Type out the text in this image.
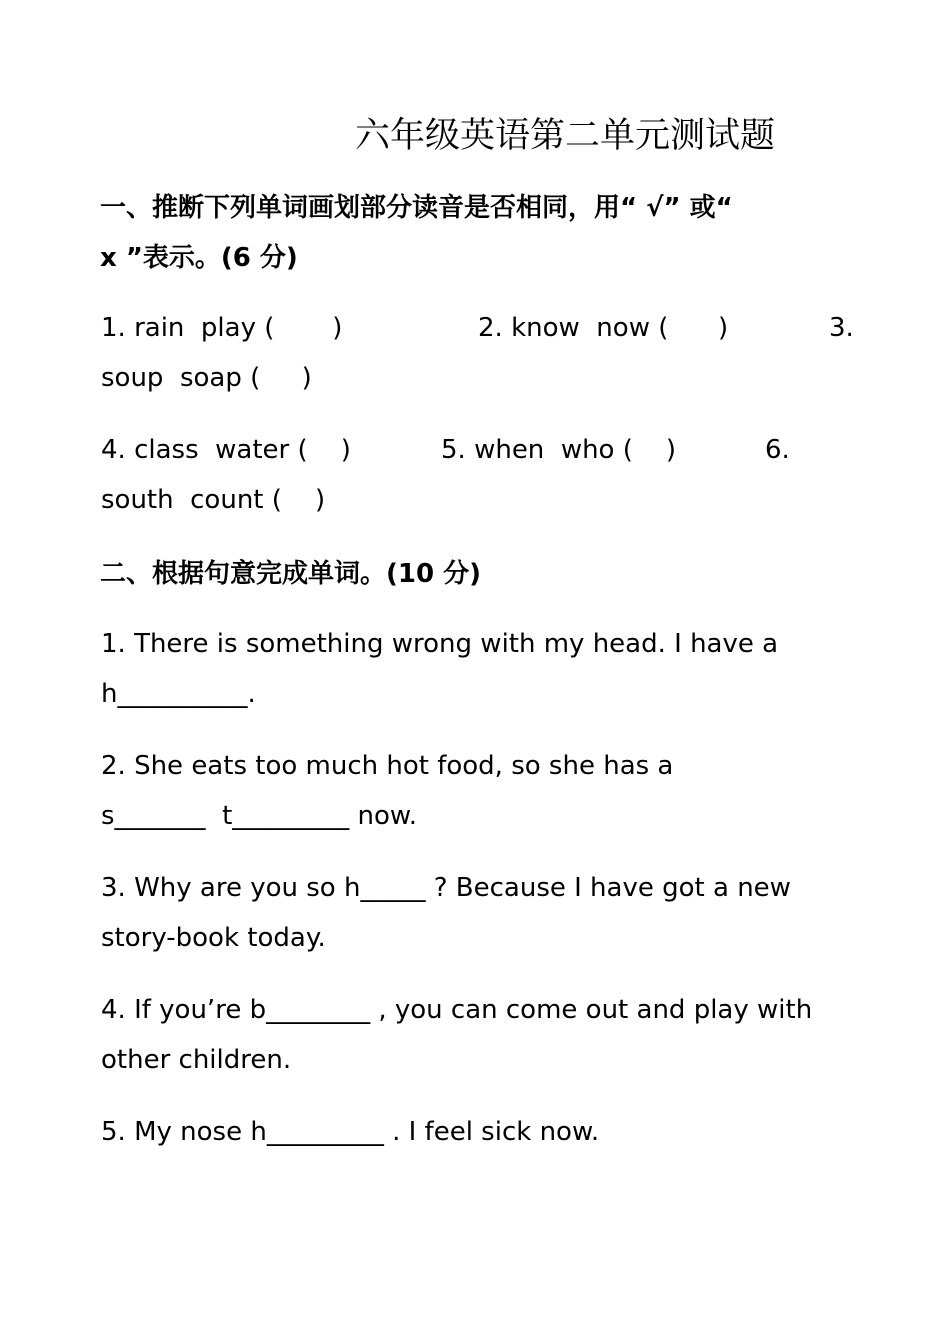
六年级英语第二单元测试题
一、推断下列单词画划部分读音是否相同，用“ √” 或“
x ”表示。(6 分)
1. rain  play (       )	2. know  now (      )	3.
soup  soap (     )
4. class  water (    )	5. when  who (    )	6.
south  count (    )
二、根据句意完成单词。(10 分)
1. There is something wrong with my head. I have a
h__________.
2. She eats too much hot food, so she has a
s_______  t_________ now.
3. Why are you so h_____ ? Because I have got a new
story-book today.
4. If you’re b________ , you can come out and play with
other children.
5. My nose h_________ . I feel sick now.
